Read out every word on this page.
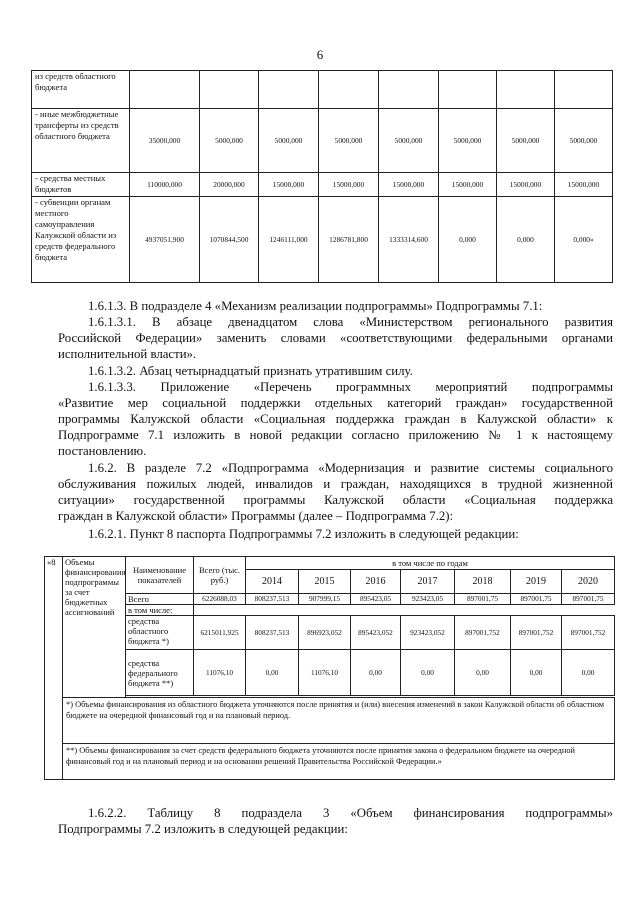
6
из средств областного бюджета								
- иные межбюджетные трансферты из средств областного бюджета	35000,000	5000,000	5000,000	5000,000	5000,000	5000,000	5000,000	5000,000
- средства местных бюджетов	110000,000	20000,000	15000,000	15000,000	15000,000	15000,000	15000,000	15000,000
- субвенции органам местного самоуправления Калужской области из средств федерального бюджета	4937051,900	1070844,500	1246111,000	1286781,800	1333314,600	0,000	0,000	0,000»
1.6.1.3. В подразделе 4 «Механизм реализации подпрограммы» Подпрограммы 7.1:
1.6.1.3.1. В абзаце двенадцатом слова «Министерством регионального развития
Российской Федерации» заменить словами «соответствующими федеральными органами
исполнительной власти».
1.6.1.3.2. Абзац четырнадцатый признать утратившим силу.
1.6.1.3.3. Приложение «Перечень программных мероприятий подпрограммы
«Развитие мер социальной поддержки отдельных категорий граждан» государственной
программы Калужской области «Социальная поддержка граждан в Калужской области» к
Подпрограмме 7.1 изложить в новой редакции согласно приложению № 1 к настоящему
постановлению.
1.6.2. В разделе 7.2 «Подпрограмма «Модернизация и развитие системы социального
обслуживания пожилых людей, инвалидов и граждан, находящихся в трудной жизненной
ситуации» государственной программы Калужской области «Социальная поддержка
граждан в Калужской области» Программы (далее – Подпрограмма 7.2):
1.6.2.1. Пункт 8 паспорта Подпрограммы 7.2 изложить в следующей редакции:
«8	Объемы финансирования подпрограммы за счет бюджетных ассигнований	Наименование показателей	Всего (тыс. руб.)	в том числе по годам						
				2014	2015	2016	2017	2018	2019	2020
		Всего	6226088,03	808237,513	907999,15	895423,05	923423,05	897001,75	897001,75	897001,75
		в том числе:								
		средства областного бюджета *)	6215011,925	808237,513	896923,052	895423,052	923423,052	897001,752	897001,752	897001,752
		средства федерального бюджета **)	11076,10	0,00	11076,10	0,00	0,00	0,00	0,00	0,00

	*) Объемы финансирования из областного бюджета уточняются после принятия и (или) внесения изменений в закон Калужской области об областном бюджете на очередной финансовый год и на плановый период.									
	**) Объемы финансирования за счет средств федерального бюджета уточняются после принятия закона о федеральном бюджете на очередной финансовый год и на плановый период и на основании решений Правительства Российской Федерации.»									
1.6.2.2. Таблицу 8 подраздела 3 «Объем финансирования подпрограммы»
Подпрограммы 7.2 изложить в следующей редакции:
